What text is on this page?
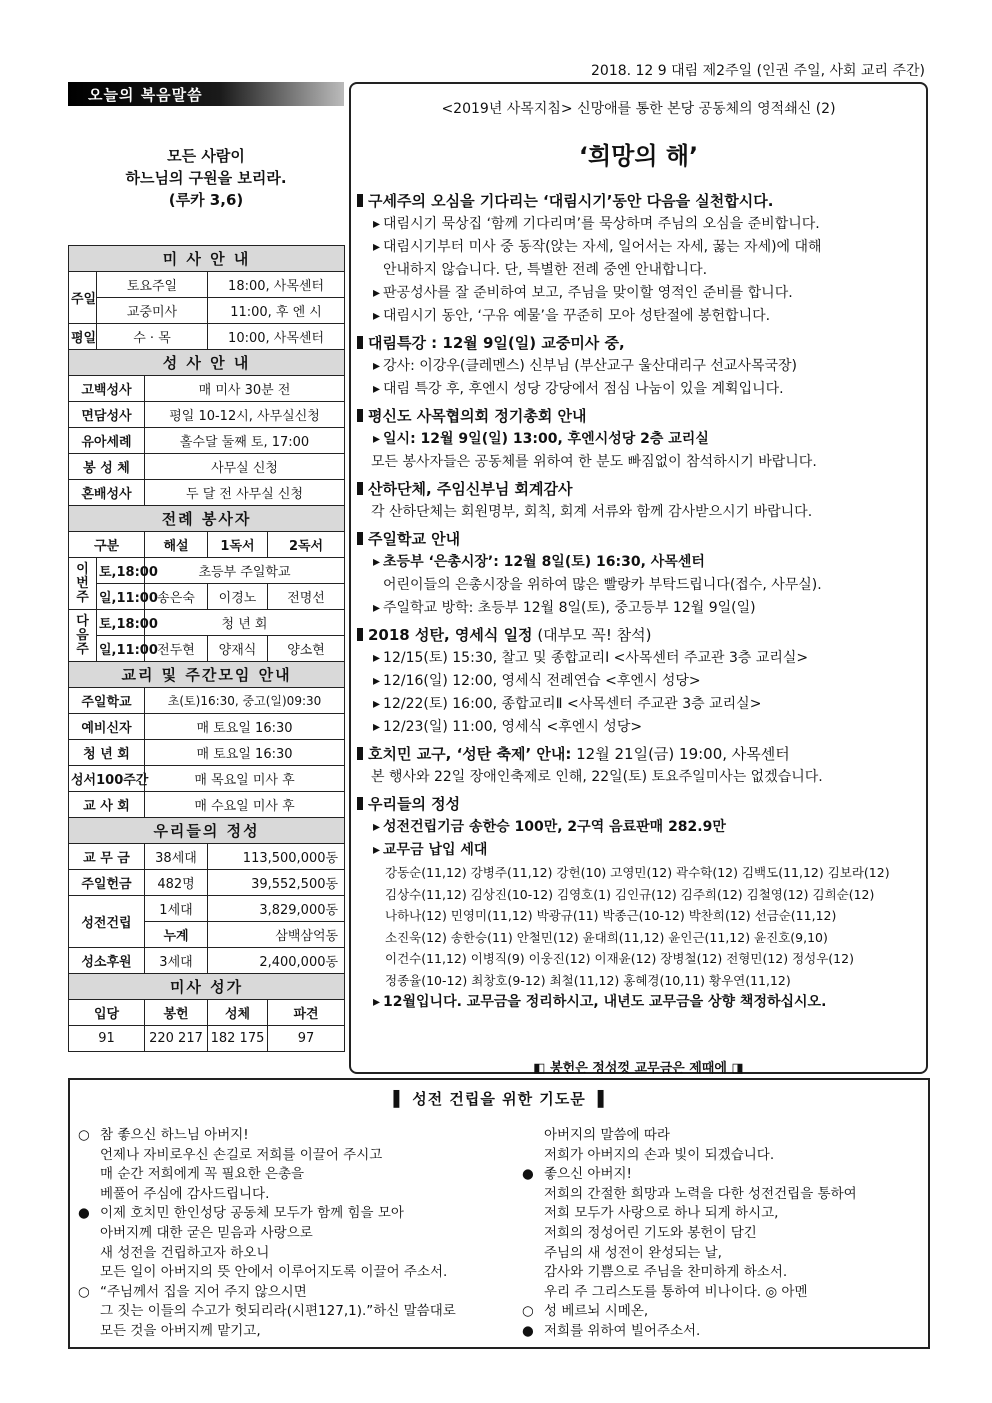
2018. 12 9 대림 제2주일 (인권 주일, 사회 교리 주간)
오늘의 복음말씀
모든 사람이
하느님의 구원을 보리라.
(루카 3,6)
미 사 안 내				
주일	토요주일		18:00, 사목센터	
	교중미사		11:00, 후 엔 시	
평일	수 · 목		10:00, 사목센터	
성 사 안 내				
고백성사		매 미사 30분 전		
면담성사		평일 10-12시, 사무실신청		
유아세례		홀수달 둘째 토, 17:00		
봉 성 체		사무실 신청		
혼배성사		두 달 전 사무실 신청		
전례 봉사자				
구분		해설	1독서	2독서
이번주	토,18:00	초등부 주일학교		
	일,11:00	송은숙	이경노	전명선
다음주	토,18:00	청 년 회		
	일,11:00	전두현	양재식	양소현
교리 및 주간모임 안내				
주일학교		초(토)16:30, 중고(일)09:30		
예비신자		매 토요일 16:30		
청 년 회		매 토요일 16:30		
성서100주간		매 목요일 미사 후		
교 사 회		매 수요일 미사 후		
우리들의 정성				
교 무 금		38세대	113,500,000동	
주일헌금		482명	39,552,500동	
성전건립		1세대	3,829,000동	
		누계	삼백삼억동	
성소후원		3세대	2,400,000동	
미사 성가				
입당		봉헌	성체	파견
91		220 217	182 175	97
<2019년 사목지침> 신망애를 통한 본당 공동체의 영적쇄신 (2)
‘희망의 해’
구세주의 오심을 기다리는 ‘대림시기’동안 다음을 실천합시다.
▸ 대림시기 묵상집 ‘함께 기다리며’를 묵상하며 주님의 오심을 준비합니다.
▸ 대림시기부터 미사 중 동작(앉는 자세, 일어서는 자세, 꿇는 자세)에 대해
안내하지 않습니다. 단, 특별한 전례 중엔 안내합니다.
▸ 판공성사를 잘 준비하여 보고, 주님을 맞이할 영적인 준비를 합니다.
▸ 대림시기 동안, ‘구유 예물’을 꾸준히 모아 성탄절에 봉헌합니다.
대림특강 : 12월 9일(일) 교중미사 중,
▸ 강사: 이강우(클레멘스) 신부님 (부산교구 울산대리구 선교사목국장)
▸ 대림 특강 후, 후엔시 성당 강당에서 점심 나눔이 있을 계획입니다.
평신도 사목협의회 정기총회 안내
▸ 일시: 12월 9일(일) 13:00, 후엔시성당 2층 교리실
모든 봉사자들은 공동체를 위하여 한 분도 빠짐없이 참석하시기 바랍니다.
산하단체, 주임신부님 회계감사
각 산하단체는 회원명부, 회칙, 회계 서류와 함께 감사받으시기 바랍니다.
주일학교 안내
▸ 초등부 ‘은총시장’: 12월 8일(토) 16:30, 사목센터
어린이들의 은총시장을 위하여 많은 빨랑카 부탁드립니다(접수, 사무실).
▸ 주일학교 방학: 초등부 12월 8일(토), 중고등부 12월 9일(일)
2018 성탄, 영세식 일정 (대부모 꼭! 참석)
▸ 12/15(토) 15:30, 찰고 및 종합교리Ⅰ <사목센터 주교관 3층 교리실>
▸ 12/16(일) 12:00, 영세식 전례연습 <후엔시 성당>
▸ 12/22(토) 16:00, 종합교리Ⅱ <사목센터 주교관 3층 교리실>
▸ 12/23(일) 11:00, 영세식 <후엔시 성당>
호치민 교구, ‘성탄 축제’ 안내: 12월 21일(금) 19:00, 사목센터
본 행사와 22일 장애인축제로 인해, 22일(토) 토요주일미사는 없겠습니다.
우리들의 정성
▸ 성전건립기금 송한승 100만, 2구역 음료판매 282.9만
▸ 교무금 납입 세대
강동순(11,12) 강병주(11,12) 강헌(10) 고영민(12) 곽수학(12) 김백도(11,12) 김보라(12)
김상수(11,12) 김상진(10-12) 김영호(1) 김인규(12) 김주희(12) 김철영(12) 김희순(12)
나하나(12) 민영미(11,12) 박광규(11) 박종근(10-12) 박찬희(12) 선금순(11,12)
소진욱(12) 송한승(11) 안철민(12) 윤대희(11,12) 윤인근(11,12) 윤진호(9,10)
이건수(11,12) 이병직(9) 이웅진(12) 이재윤(12) 장병철(12) 전형민(12) 정성우(12)
정종율(10-12) 최창호(9-12) 최철(11,12) 홍혜경(10,11) 황우연(11,12)
▸ 12월입니다. 교무금을 정리하시고, 내년도 교무금을 상향 책정하십시오.
◧ 봉헌은 정성껏 교무금은 제때에 ◨
▌ 성전 건립을 위한 기도문 ▐
○ 참 좋으신 하느님 아버지!
언제나 자비로우신 손길로 저희를 이끌어 주시고
매 순간 저희에게 꼭 필요한 은총을
베풀어 주심에 감사드립니다.
● 이제 호치민 한인성당 공동체 모두가 함께 힘을 모아
아버지께 대한 굳은 믿음과 사랑으로
새 성전을 건립하고자 하오니
모든 일이 아버지의 뜻 안에서 이루어지도록 이끌어 주소서.
○ “주님께서 집을 지어 주지 않으시면
그 짓는 이들의 수고가 헛되리라(시편127,1).”하신 말씀대로
모든 것을 아버지께 맡기고,
아버지의 말씀에 따라
저희가 아버지의 손과 빛이 되겠습니다.
● 좋으신 아버지!
저희의 간절한 희망과 노력을 다한 성전건립을 통하여
저희 모두가 사랑으로 하나 되게 하시고,
저희의 정성어린 기도와 봉헌이 담긴
주님의 새 성전이 완성되는 날,
감사와 기쁨으로 주님을 찬미하게 하소서.
우리 주 그리스도를 통하여 비나이다. ◎ 아멘
○ 성 베르뇌 시메온,
● 저희를 위하여 빌어주소서.
